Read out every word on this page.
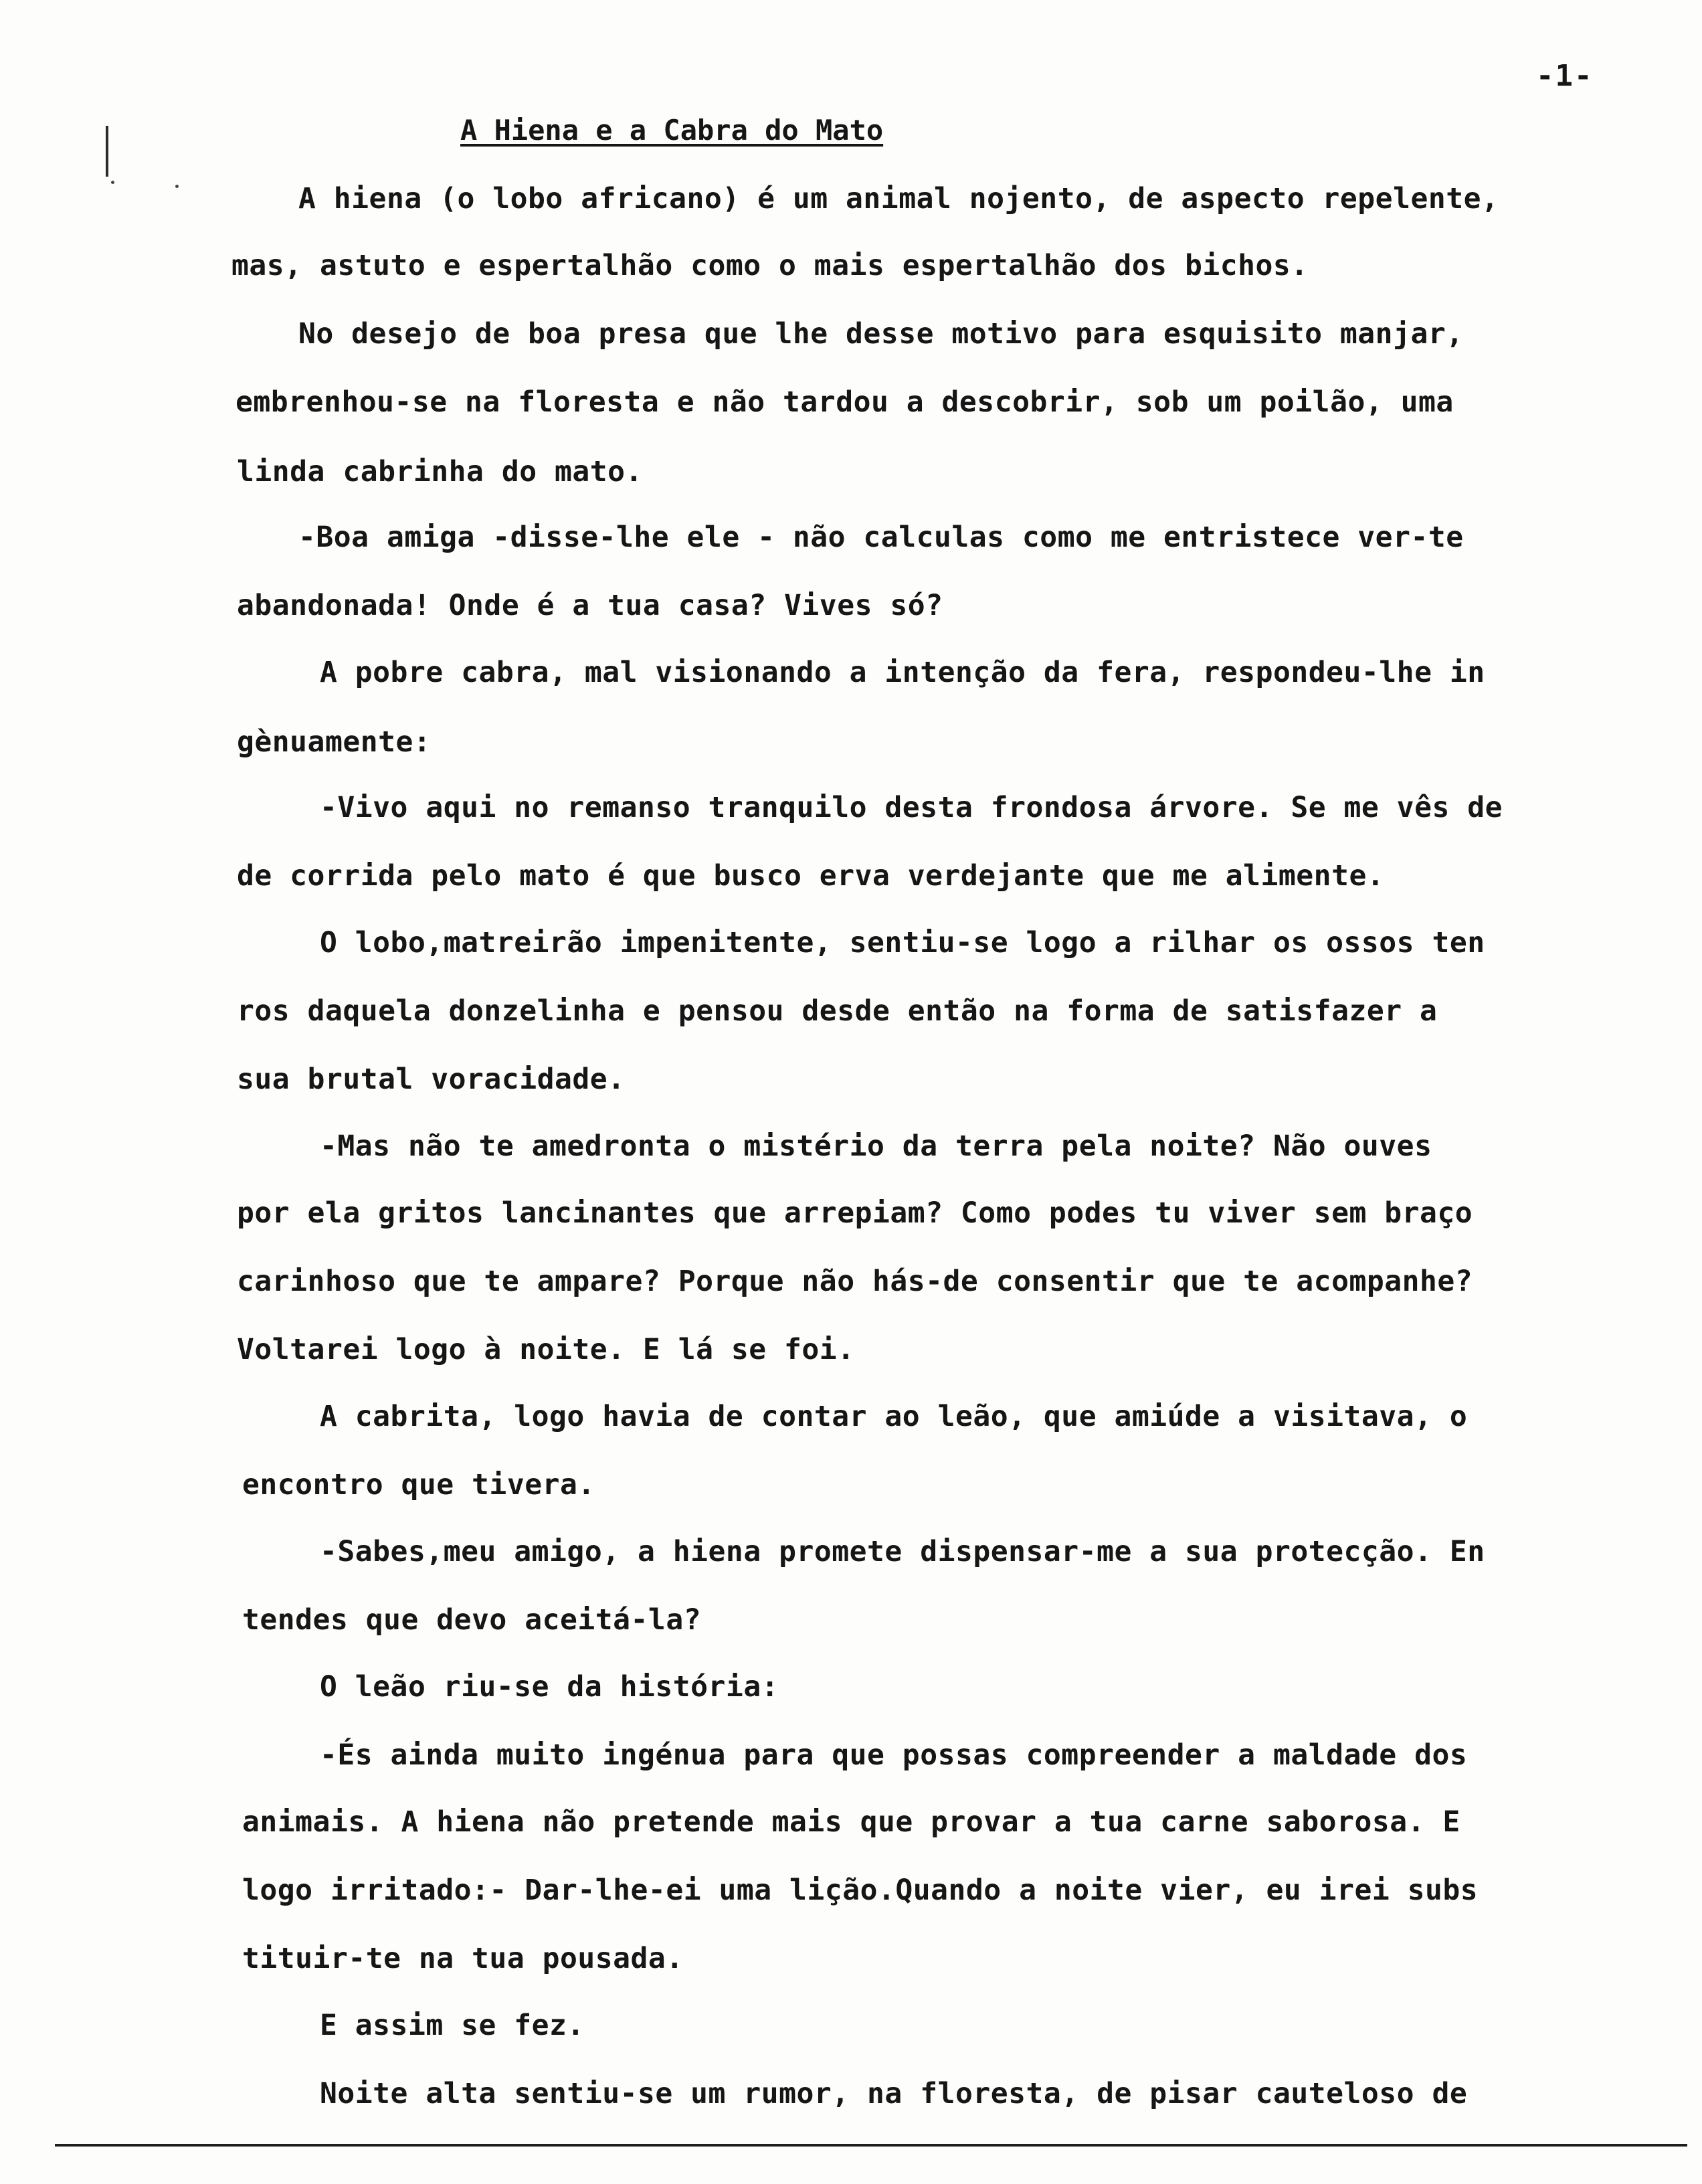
-1-
A Hiena e a Cabra do Mato
A hiena (o lobo africano) é um animal nojento, de aspecto repelente,
mas, astuto e espertalhão como o mais espertalhão dos bichos.
No desejo de boa presa que lhe desse motivo para esquisito manjar,
embrenhou-se na floresta e não tardou a descobrir, sob um poilão, uma
linda cabrinha do mato.
-Boa amiga -disse-lhe ele - não calculas como me entristece ver-te
abandonada! Onde é a tua casa? Vives só?
A pobre cabra, mal visionando a intenção da fera, respondeu-lhe in
gènuamente:
-Vivo aqui no remanso tranquilo desta frondosa árvore. Se me vês de
de corrida pelo mato é que busco erva verdejante que me alimente.
O lobo,matreirão impenitente, sentiu-se logo a rilhar os ossos ten
ros daquela donzelinha e pensou desde então na forma de satisfazer a
sua brutal voracidade.
-Mas não te amedronta o mistério da terra pela noite? Não ouves
por ela gritos lancinantes que arrepiam? Como podes tu viver sem braço
carinhoso que te ampare? Porque não hás-de consentir que te acompanhe?
Voltarei logo à noite. E lá se foi.
A cabrita, logo havia de contar ao leão, que amiúde a visitava, o
encontro que tivera.
-Sabes,meu amigo, a hiena promete dispensar-me a sua protecção. En
tendes que devo aceitá-la?
O leão riu-se da história:
-És ainda muito ingénua para que possas compreender a maldade dos
animais. A hiena não pretende mais que provar a tua carne saborosa. E
logo irritado:- Dar-lhe-ei uma lição.Quando a noite vier, eu irei subs
tituir-te na tua pousada.
E assim se fez.
Noite alta sentiu-se um rumor, na floresta, de pisar cauteloso de
